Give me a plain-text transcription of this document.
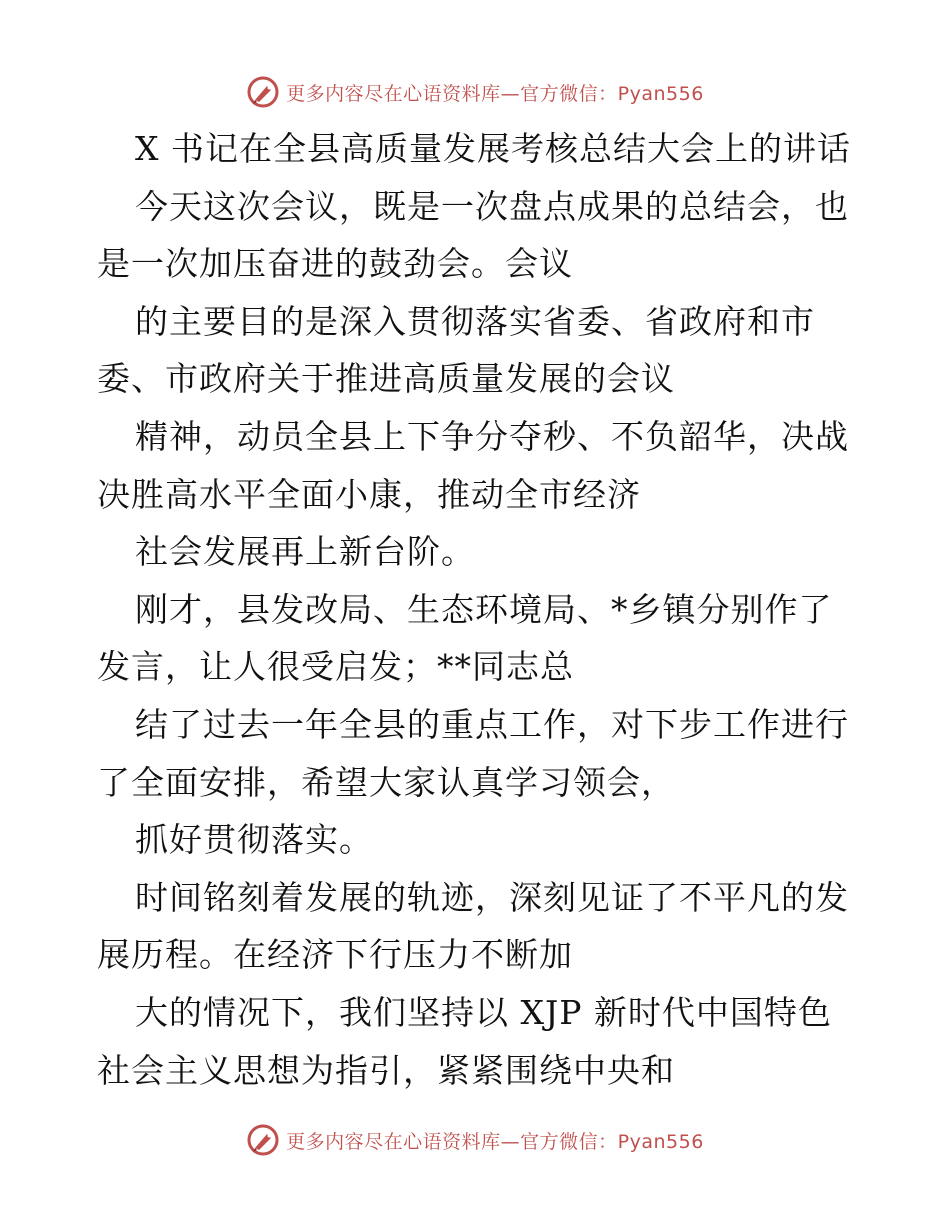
更多内容尽在心语资料库—官方微信：Pyan556
X 书记在全县高质量发展考核总结大会上的讲话
今天这次会议，既是一次盘点成果的总结会，也
是一次加压奋进的鼓劲会。会议
的主要目的是深入贯彻落实省委、省政府和市
委、市政府关于推进高质量发展的会议
精神，动员全县上下争分夺秒、不负韶华，决战
决胜高水平全面小康，推动全市经济
社会发展再上新台阶。
刚才，县发改局、生态环境局、*乡镇分别作了
发言，让人很受启发；**同志总
结了过去一年全县的重点工作，对下步工作进行
了全面安排，希望大家认真学习领会，
抓好贯彻落实。
时间铭刻着发展的轨迹，深刻见证了不平凡的发
展历程。在经济下行压力不断加
大的情况下，我们坚持以 XJP 新时代中国特色
社会主义思想为指引，紧紧围绕中央和
更多内容尽在心语资料库—官方微信：Pyan556
